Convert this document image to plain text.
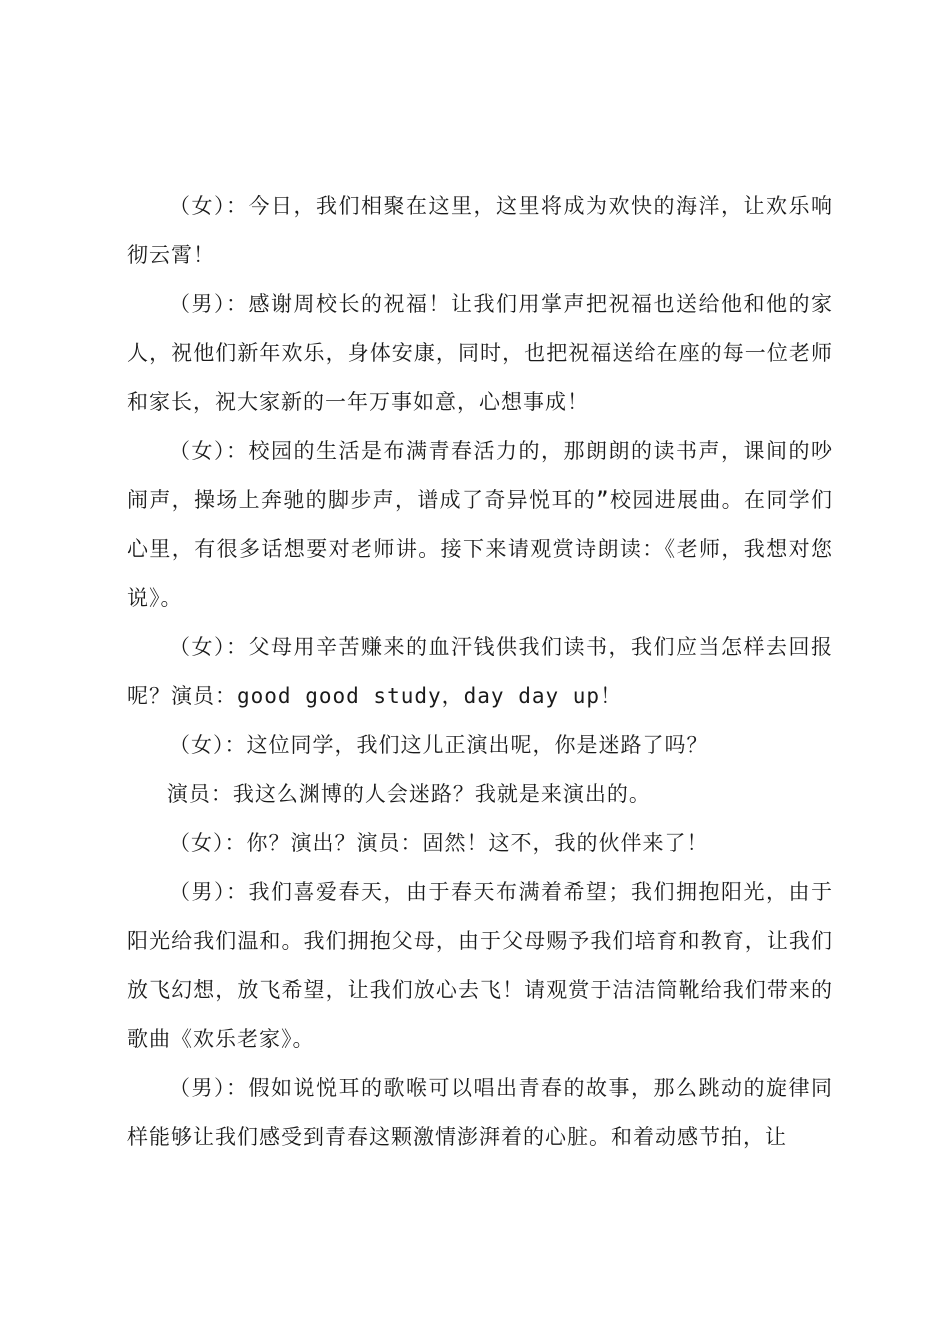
（女）：今日，我们相聚在这里，这里将成为欢快的海洋，让欢乐响彻云霄！

（男）：感谢周校长的祝福！让我们用掌声把祝福也送给他和他的家人，祝他们新年欢乐，身体安康，同时，也把祝福送给在座的每一位老师和家长，祝大家新的一年万事如意，心想事成！

（女）：校园的生活是布满青春活力的，那朗朗的读书声，课间的吵闹声，操场上奔驰的脚步声，谱成了奇异悦耳的”校园进展曲。在同学们心里，有很多话想要对老师讲。接下来请观赏诗朗读：《老师，我想对您说》。

（女）：父母用辛苦赚来的血汗钱供我们读书，我们应当怎样去回报呢？演员：good good study，day day up！

（女）：这位同学，我们这儿正演出呢，你是迷路了吗？

演员：我这么渊博的人会迷路？我就是来演出的。

（女）：你？演出？演员：固然！这不，我的伙伴来了！

（男）：我们喜爱春天，由于春天布满着希望；我们拥抱阳光，由于阳光给我们温和。我们拥抱父母，由于父母赐予我们培育和教育，让我们放飞幻想，放飞希望，让我们放心去飞！请观赏于洁洁筒靴给我们带来的歌曲《欢乐老家》。

（男）：假如说悦耳的歌喉可以唱出青春的故事，那么跳动的旋律同样能够让我们感受到青春这颗激情澎湃着的心脏。和着动感节拍，让
